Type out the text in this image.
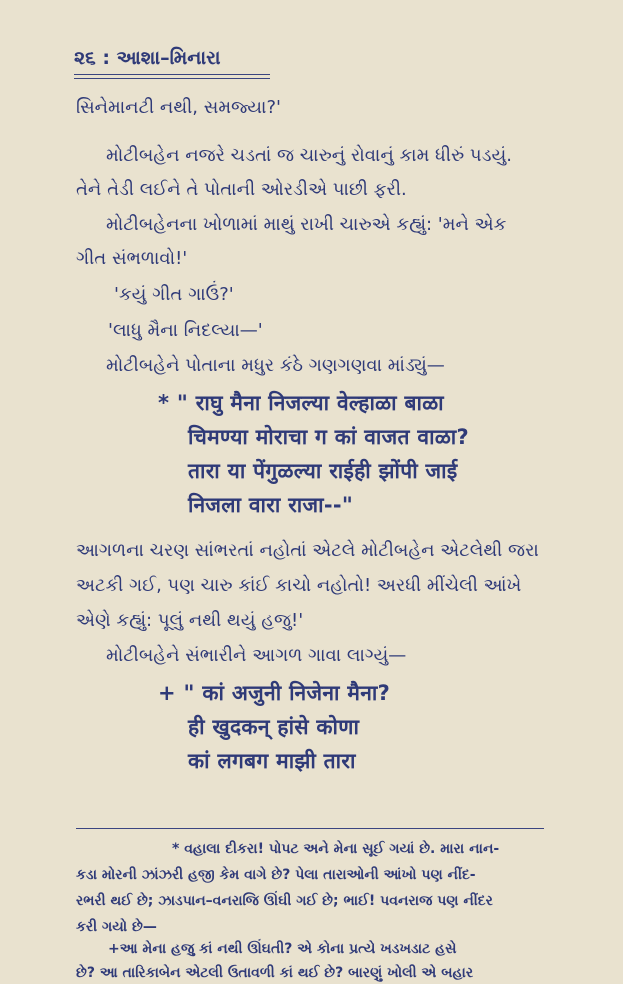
૨૬ : આશા–મિનારા
સિનેમાનટી નથી, સમજ્યા?'
મોટીબહેન નજરે ચડતાં જ ચારુનું રોવાનું કામ ધીરું પડયું.
તેને તેડી લઈને તે પોતાની ઓરડીએ પાછી ફરી.
મોટીબહેનના ખોળામાં માથું રાખી ચારુએ કહ્યું: 'મને એક
ગીત સંભળાવો!'
'કયું ગીત ગાઉં?'
'લાધુ મૈના નિદલ્યા—'
મોટીબહેને પોતાના મધુર કંઠે ગણગણવા માંડ્યું—
* " राघु मैना निजल्या वेल्हाळा बाळा
चिमण्या मोराचा ग कां वाजत वाळा?
तारा या पेंगुळल्या राईही झोंपी जाई
निजला वारा राजा--"
આગળના ચરણ સાંભરતાં નહોતાં એટલે મોટીબહેન એટલેથી જરા
અટકી ગઈ, પણ ચારુ કાંઈ કાચો નહોતો! અરધી મીંચેલી આંખે
એણે કહ્યું: પૂલું નથી થયું હજુ!'
મોટીબહેને સંભારીને આગળ ગાવા લાગ્યું—
+ " कां अजुनी निजेना मैना?
ही खुदकन् हांसे कोणा
कां लगबग माझी तारा
* વહાલા દીકરા! પોપટ અને મેના સૂઈ ગયાં છે. મારા નાન-
કડા મોરની ઝાંઝરી હજી કેમ વાગે છે? પેલા તારાઓની આંખો પણ નીંદ-
રભરી થઈ છે; ઝાડપાન–વનરાજિ ઊંઘી ગઈ છે; ભાઈ! પવનરાજ પણ નીંદર
કરી ગયો છે—
+આ મેના હજુ કાં નથી ઊંઘતી? એ કોના પ્રત્યે ખડખડાટ હસે
છે? આ તારિકાબેન એટલી ઉતાવળી કાં થઈ છે? બારણું ખોલી એ બહાર
